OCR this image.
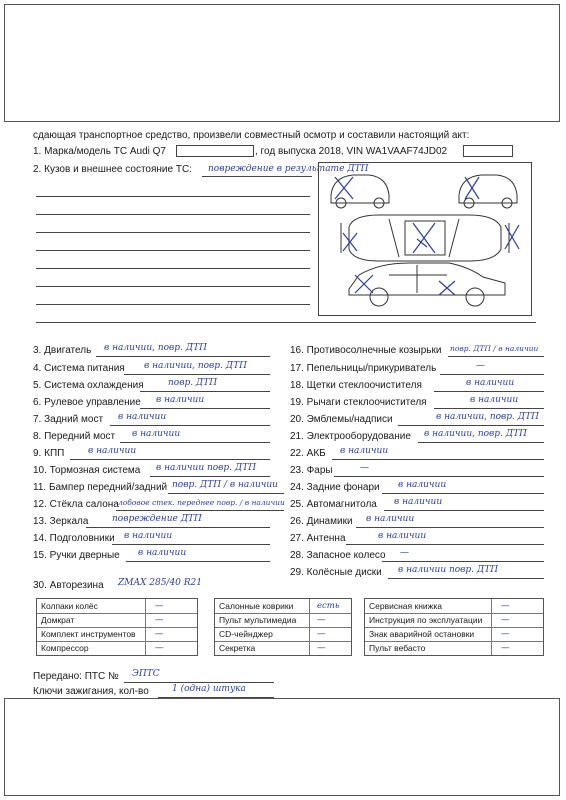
сдающая транспортное средство, произвели совместный осмотр и составили настоящий акт:
1. Марка/модель ТС Audi Q7	, год выпуска 2018, VIN WA1VAAF74JD02
2. Кузов и внешнее состояние ТС: повреждение в результате ДТП
3. Двигатель в наличии, повр. ДТП
4. Система питания в наличии, повр. ДТП
5. Система охлаждения	повр. ДТП
6. Рулевое управление в наличии
7. Задний мост в наличии
8. Передний мост в наличии
9. КПП	в наличии
10. Тормозная система в наличии повр. ДТП
11. Бампер передний/задний повр. ДТП / в наличии
12. Стёкла салона лобовое стек. переднее повр. / в наличии
13. Зеркала	повреждение ДТП
14. Подголовники в наличии
15. Ручки дверные в наличии
16. Противосолнечные козырьки повр. ДТП / в наличии
17. Пепельницы/прикуриватель	—
18. Щетки стеклоочистителя	в наличии
19. Рычаги стеклоочистителя	в наличии
20. Эмблемы/надписи	в наличии, повр. ДТП
21. Электрооборудование в наличии, повр. ДТП
22. АКБ в наличии
23. Фары	—
24. Задние фонари в наличии
25. Автомагнитола в наличии
26. Динамики в наличии
27. Антенна	в наличии
28. Запасное колесо —
29. Колёсные диски в наличии повр. ДТП
30. Авторезина ZMAX 285/40 R21
Колпаки колёс	—
Домкрат	—
Комплект инструментов —
Компрессор	—
Салонные коврики	есть
Пульт мультимедиа —
CD-чейнджер	—
Секретка	—
Сервисная книжка	—
Инструкция по эксплуатации —
Знак аварийной остановки	—
Пульт вебасто	—
Передано: ПТС № ЭПТС
Ключи зажигания, кол-во	1 (одна) штука
